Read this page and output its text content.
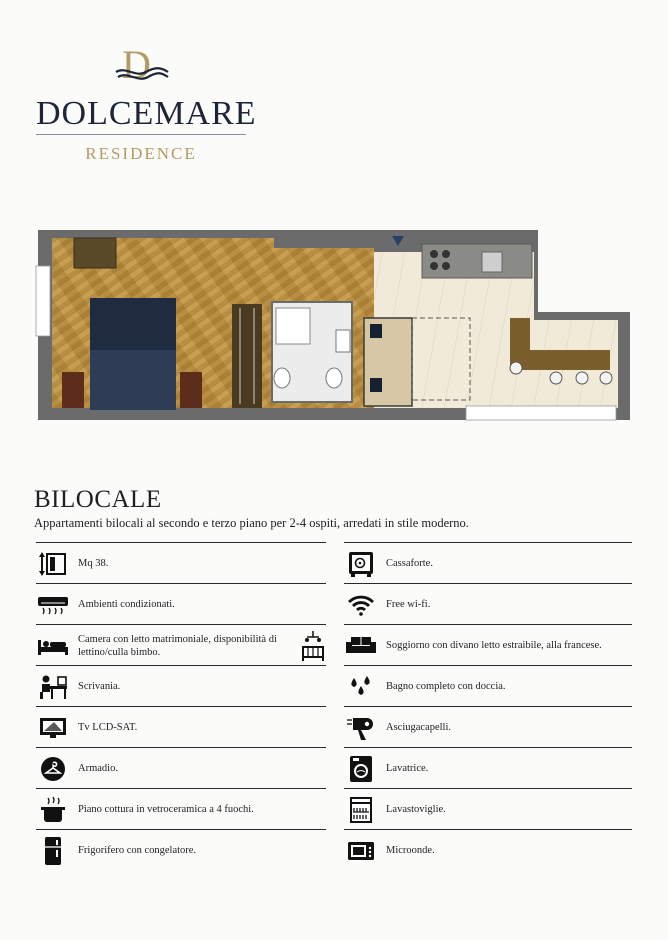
D
DOLCEMARE
RESIDENCE
BILOCALE
Appartamenti bilocali al secondo e terzo piano per 2-4 ospiti, arredati in stile moderno.
Mq 38.
Ambienti condizionati.
Camera con letto matrimoniale, disponibilità di lettino/culla bimbo.
Scrivania.
Tv LCD-SAT.
Armadio.
Piano cottura in vetroceramica a 4 fuochi.
Frigorifero con congelatore.
Cassaforte.
Free wi-fi.
Soggiorno con divano letto estraibile, alla francese.
Bagno completo con doccia.
Asciugacapelli.
Lavatrice.
Lavastoviglie.
Microonde.
